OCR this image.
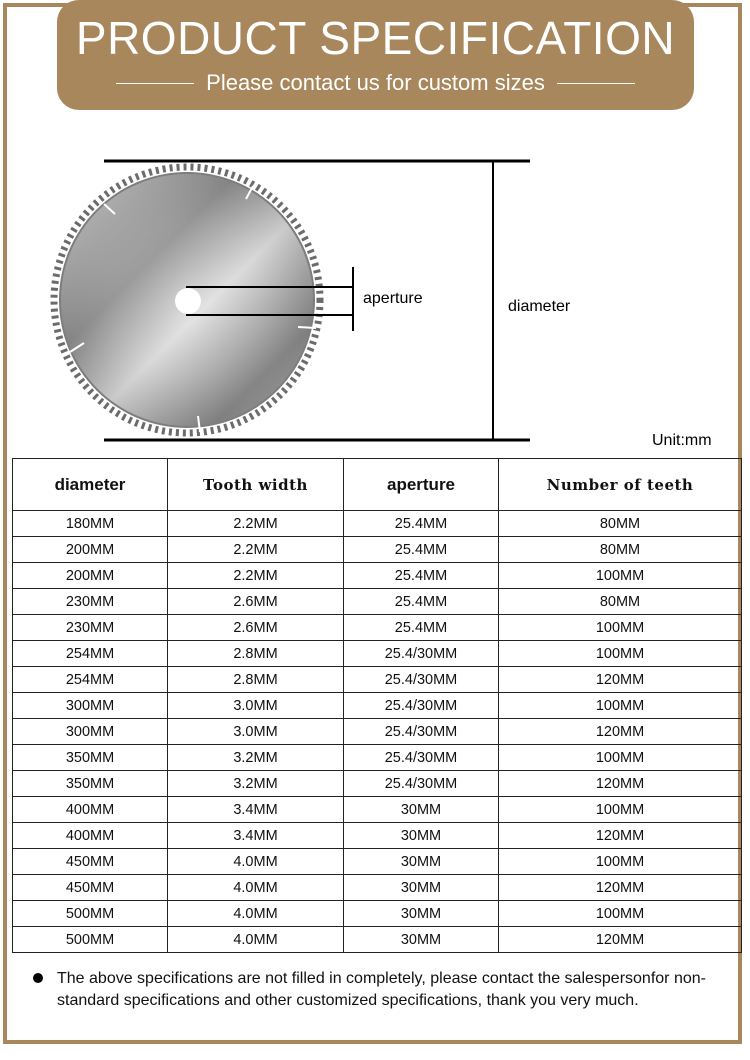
PRODUCT SPECIFICATION
Please contact us for custom sizes
aperture	diameter
Unit:mm
diameter	Tooth width	aperture	Number of teeth
180MM	2.2MM	25.4MM	80MM
200MM	2.2MM	25.4MM	80MM
200MM	2.2MM	25.4MM	100MM
230MM	2.6MM	25.4MM	80MM
230MM	2.6MM	25.4MM	100MM
254MM	2.8MM	25.4/30MM	100MM
254MM	2.8MM	25.4/30MM	120MM
300MM	3.0MM	25.4/30MM	100MM
300MM	3.0MM	25.4/30MM	120MM
350MM	3.2MM	25.4/30MM	100MM
350MM	3.2MM	25.4/30MM	120MM
400MM	3.4MM	30MM	100MM
400MM	3.4MM	30MM	120MM
450MM	4.0MM	30MM	100MM
450MM	4.0MM	30MM	120MM
500MM	4.0MM	30MM	100MM
500MM	4.0MM	30MM	120MM
The above specifications are not filled in completely, please contact the salespersonfor non-standard specifications and other customized specifications, thank you very much.
